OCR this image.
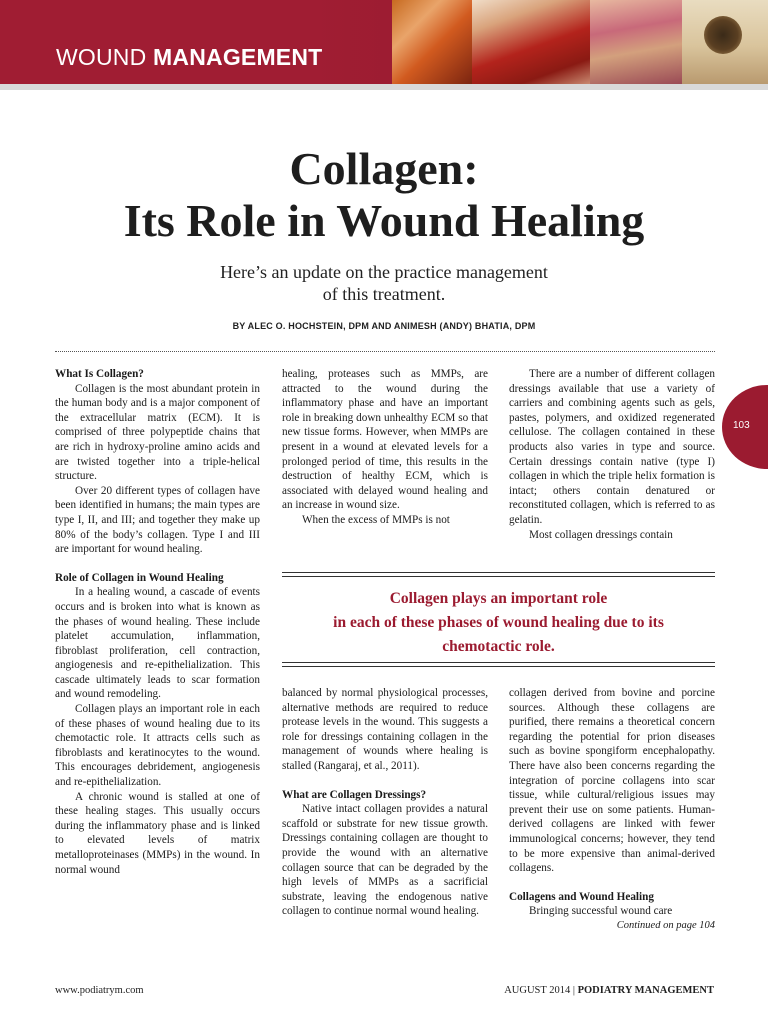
WOUND MANAGEMENT
Collagen:
Its Role in Wound Healing
Here’s an update on the practice management
of this treatment.
BY ALEC O. HOCHSTEIN, DPM AND ANIMESH (ANDY) BHATIA, DPM
103
What Is Collagen?

Collagen is the most abundant protein in the human body and is a major component of the extracellular matrix (ECM). It is comprised of three polypeptide chains that are rich in hydroxy-proline amino acids and are twisted together into a triple-helical structure.

Over 20 different types of collagen have been identified in humans; the main types are type I, II, and III; and together they make up 80% of the body’s collagen. Type I and III are important for wound healing.

Role of Collagen in Wound Healing

In a healing wound, a cascade of events occurs and is broken into what is known as the phases of wound healing. These include platelet accumulation, inflammation, fibroblast proliferation, cell contraction, angiogenesis and re-epithelialization. This cascade ultimately leads to scar formation and wound remodeling.

Collagen plays an important role in each of these phases of wound healing due to its chemotactic role. It attracts cells such as fibroblasts and keratinocytes to the wound. This encourages debridement, angiogenesis and re-epithelialization.

A chronic wound is stalled at one of these healing stages. This usually occurs during the inflammatory phase and is linked to elevated levels of matrix metalloproteinases (MMPs) in the wound. In normal wound

healing, proteases such as MMPs, are attracted to the wound during the inflammatory phase and have an important role in breaking down unhealthy ECM so that new tissue forms. However, when MMPs are present in a wound at elevated levels for a prolonged period of time, this results in the destruction of healthy ECM, which is associated with delayed wound healing and an increase in wound size.

When the excess of MMPs is not

There are a number of different collagen dressings available that use a variety of carriers and combining agents such as gels, pastes, polymers, and oxidized regenerated cellulose. The collagen contained in these products also varies in type and source. Certain dressings contain native (type I) collagen in which the triple helix formation is intact; others contain denatured or reconstituted collagen, which is referred to as gelatin.

Most collagen dressings contain

Collagen plays an important role
in each of these phases of wound healing due to its
chemotactic role.

balanced by normal physiological processes, alternative methods are required to reduce protease levels in the wound. This suggests a role for dressings containing collagen in the management of wounds where healing is stalled (Rangaraj, et al., 2011).

What are Collagen Dressings?

Native intact collagen provides a natural scaffold or substrate for new tissue growth. Dressings containing collagen are thought to provide the wound with an alternative collagen source that can be degraded by the high levels of MMPs as a sacrificial substrate, leaving the endogenous native collagen to continue normal wound healing.

collagen derived from bovine and porcine sources. Although these collagens are purified, there remains a theoretical concern regarding the potential for prion diseases such as bovine spongiform encephalopathy. There have also been concerns regarding the integration of porcine collagens into scar tissue, while cultural/religious issues may prevent their use on some patients. Human-derived collagens are linked with fewer immunological concerns; however, they tend to be more expensive than animal-derived collagens.

Collagens and Wound Healing

Bringing successful wound care

Continued on page 104
www.podiatrym.com	AUGUST 2014 | PODIATRY MANAGEMENT
